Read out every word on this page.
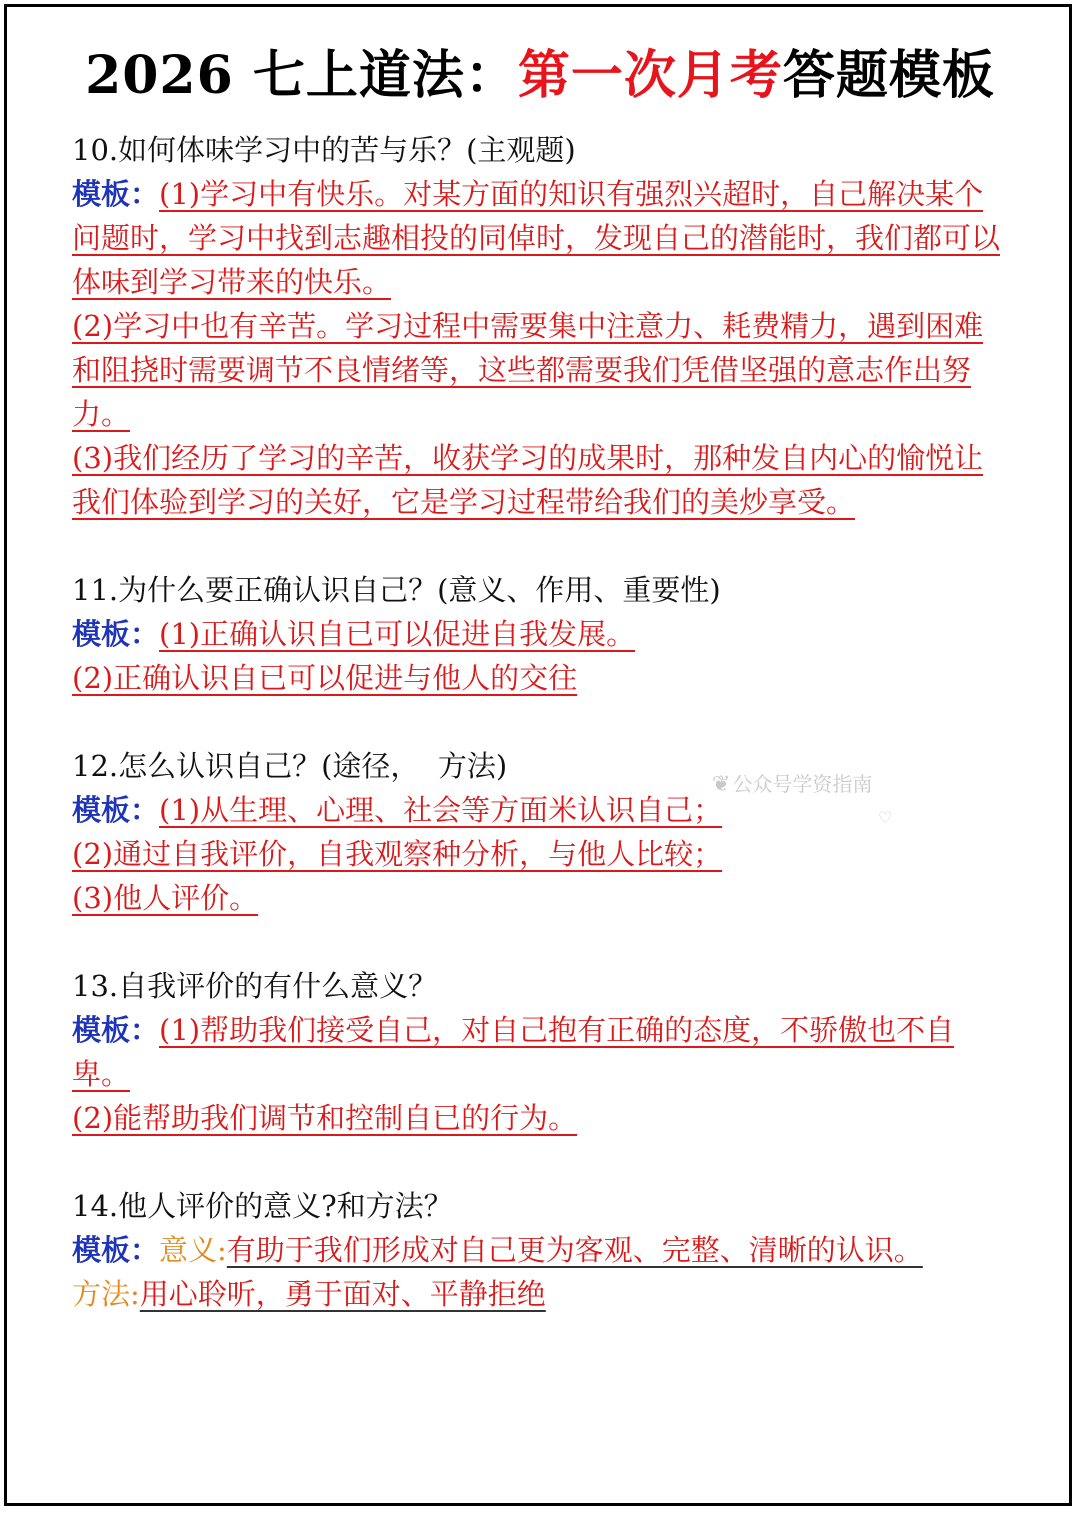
2026 七上道法：第一次月考答题模板

10.如何体味学习中的苦与乐？(主观题)

模板：(1)学习中有快乐。对某方面的知识有强烈兴超时，自己解决某个问题时，学习中找到志趣相投的同倬时，发现自己的潜能时，我们都可以体味到学习带来的快乐。

(2)学习中也有辛苦。学习过程中需要集中注意力、耗费精力，遇到困难和阻挠时需要调节不良情绪等，这些都需要我们凭借坚强的意志作出努力。

(3)我们经历了学习的辛苦，收获学习的成果时，那种发自内心的愉悦让我们体验到学习的关好，它是学习过程带给我们的美炒享受。

11.为什么要正确认识自己？(意义、作用、重要性)

模板：(1)正确认识自已可以促进自我发展。

(2)正确认识自已可以促进与他人的交往

12.怎么认识自己？(途径，  方法)

模板：(1)从生理、心理、社会等方面米认识自己；

(2)通过自我评价，自我观察种分析，与他人比较；

(3)他人评价。

13.自我评价的有什么意义？

模板：(1)帮助我们接受自己，对自己抱有正确的态度，不骄傲也不自卑。

(2)能帮助我们调节和控制自已的行为。

14.他人评价的意义?和方法？

模板：意义:有助于我们形成对自己更为客观、完整、清晰的认识。

方法:用心聆听，勇于面对、平静拒绝

❦ 公众号学资指南
♡
